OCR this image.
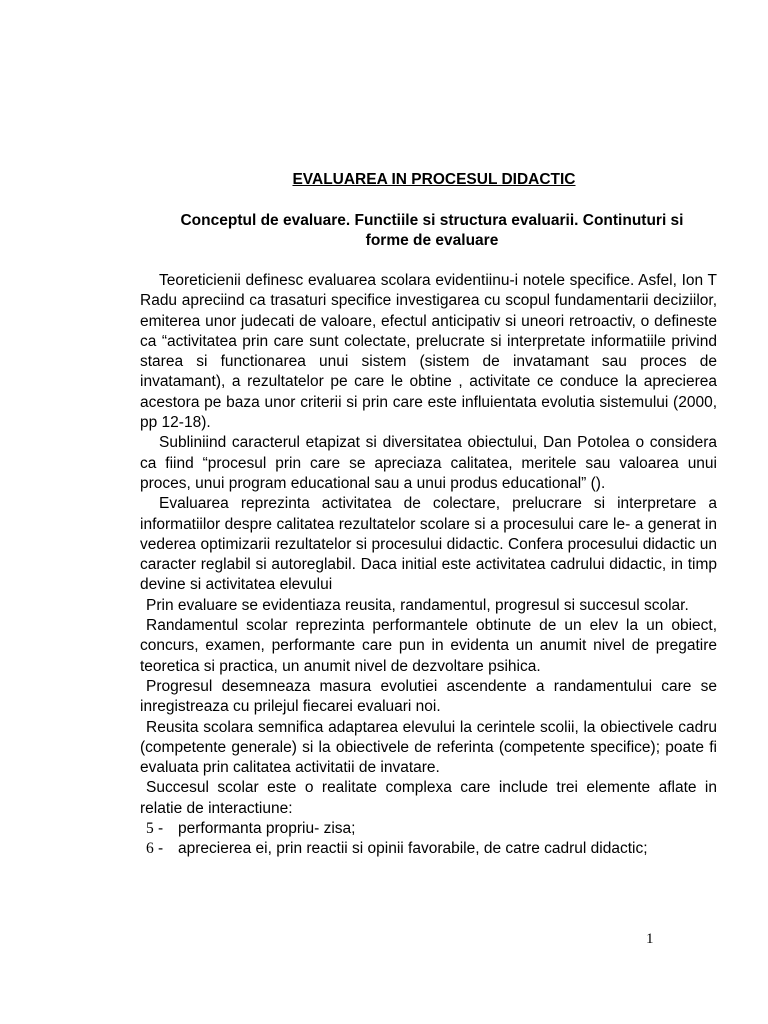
EVALUAREA IN PROCESUL DIDACTIC
Conceptul de evaluare. Functiile si structura evaluarii. Continuturi si
forme de evaluare

Teoreticienii definesc evaluarea scolara evidentiinu-i notele specifice. Asfel, Ion T Radu apreciind ca trasaturi specifice investigarea cu scopul fundamentarii deciziilor, emiterea unor judecati de valoare, efectul anticipativ si uneori retroactiv, o defineste ca “activitatea prin care sunt colectate, prelucrate si interpretate informatiile privind starea si functionarea unui sistem (sistem de invatamant sau proces de invatamant), a rezultatelor pe care le obtine , activitate ce conduce la aprecierea acestora pe baza unor criterii si prin care este influientata evolutia sistemului (2000, pp 12-18).

Subliniind caracterul etapizat si diversitatea obiectului, Dan Potolea o considera ca fiind “procesul prin care se apreciaza calitatea, meritele sau valoarea unui proces, unui program educational sau a unui produs educational” ().

Evaluarea reprezinta activitatea de colectare, prelucrare si interpretare a informatiilor despre calitatea rezultatelor scolare si a procesului care le- a generat in vederea optimizarii rezultatelor si procesului didactic. Confera procesului didactic un caracter reglabil si autoreglabil. Daca initial este activitatea cadrului didactic, in timp devine si activitatea elevului

Prin evaluare se evidentiaza reusita, randamentul, progresul si succesul scolar.

Randamentul scolar reprezinta performantele obtinute de un elev la un obiect, concurs, examen, performante care pun in evidenta un anumit nivel de pregatire teoretica si practica, un anumit nivel de dezvoltare psihica.

Progresul desemneaza masura evolutiei ascendente a randamentului care se inregistreaza cu prilejul fiecarei evaluari noi.

Reusita scolara semnifica adaptarea elevului la cerintele scolii, la obiectivele cadru (competente generale) si la obiectivele de referinta (competente specifice); poate fi evaluata prin calitatea activitatii de invatare.

Succesul scolar este o realitate complexa care include trei elemente aflate in relatie de interactiune:

5 - performanta propriu- zisa;
6 - aprecierea ei, prin reactii si opinii favorabile, de catre cadrul didactic;
1
